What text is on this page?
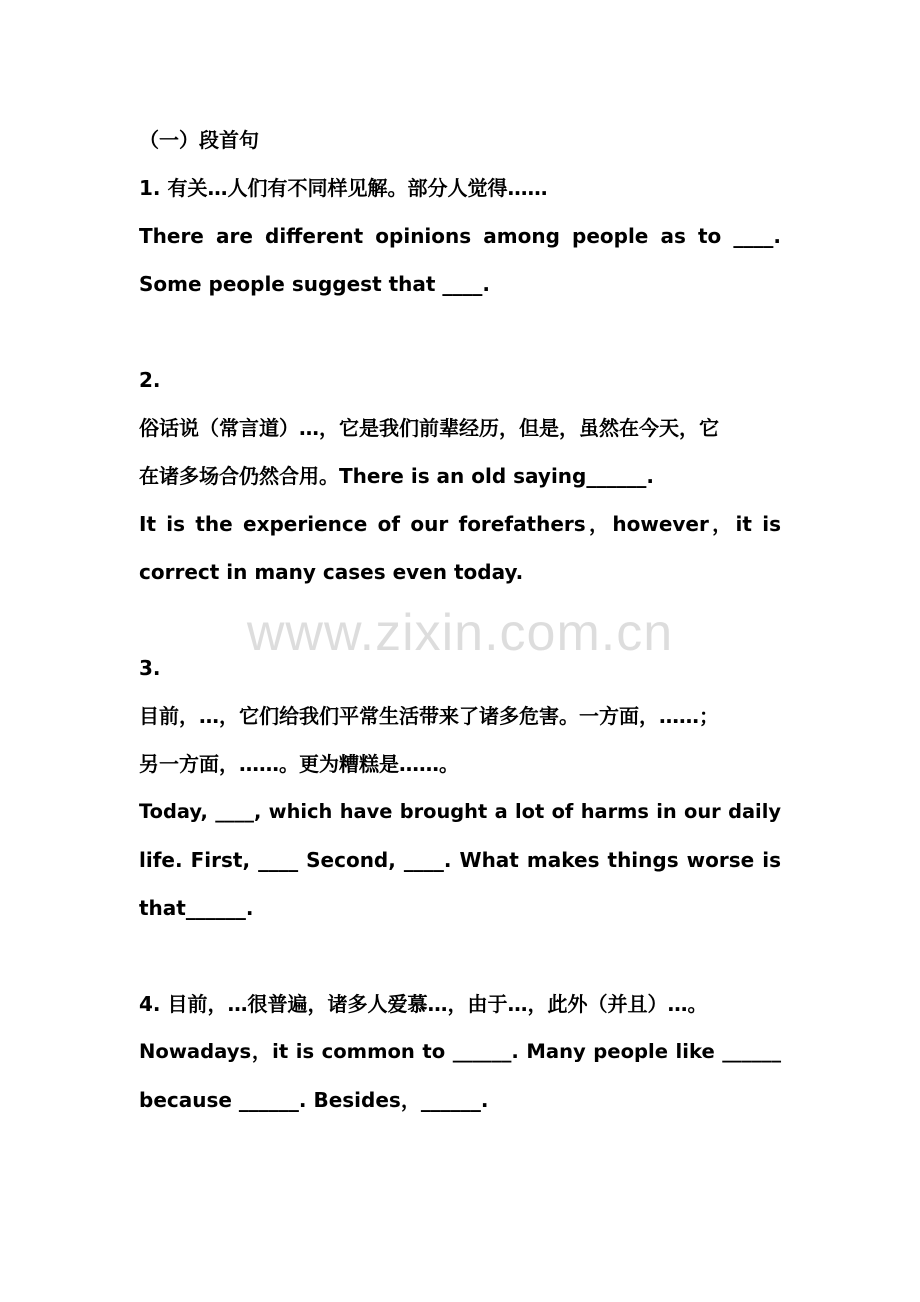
www.zixin.com.cn
（一）段首句
1. 有关…人们有不同样见解。部分人觉得……
There are different opinions among people as to ____.
Some people suggest that ____.
2.
俗话说（常言道）…，它是我们前辈经历，但是，虽然在今天，它
在诸多场合仍然合用。There is an old saying______.
It is the experience of our forefathers，however，it is
correct in many cases even today.
3.
目前，…，它们给我们平常生活带来了诸多危害。一方面，……；
另一方面，……。更为糟糕是……。
Today, ____, which have brought a lot of harms in our daily
life. First, ____ Second, ____. What makes things worse is
that______.
4. 目前，…很普遍，诸多人爱慕…，由于…，此外（并且）…。
Nowadays，it is common to ______. Many people like ______
because ______. Besides，______.
